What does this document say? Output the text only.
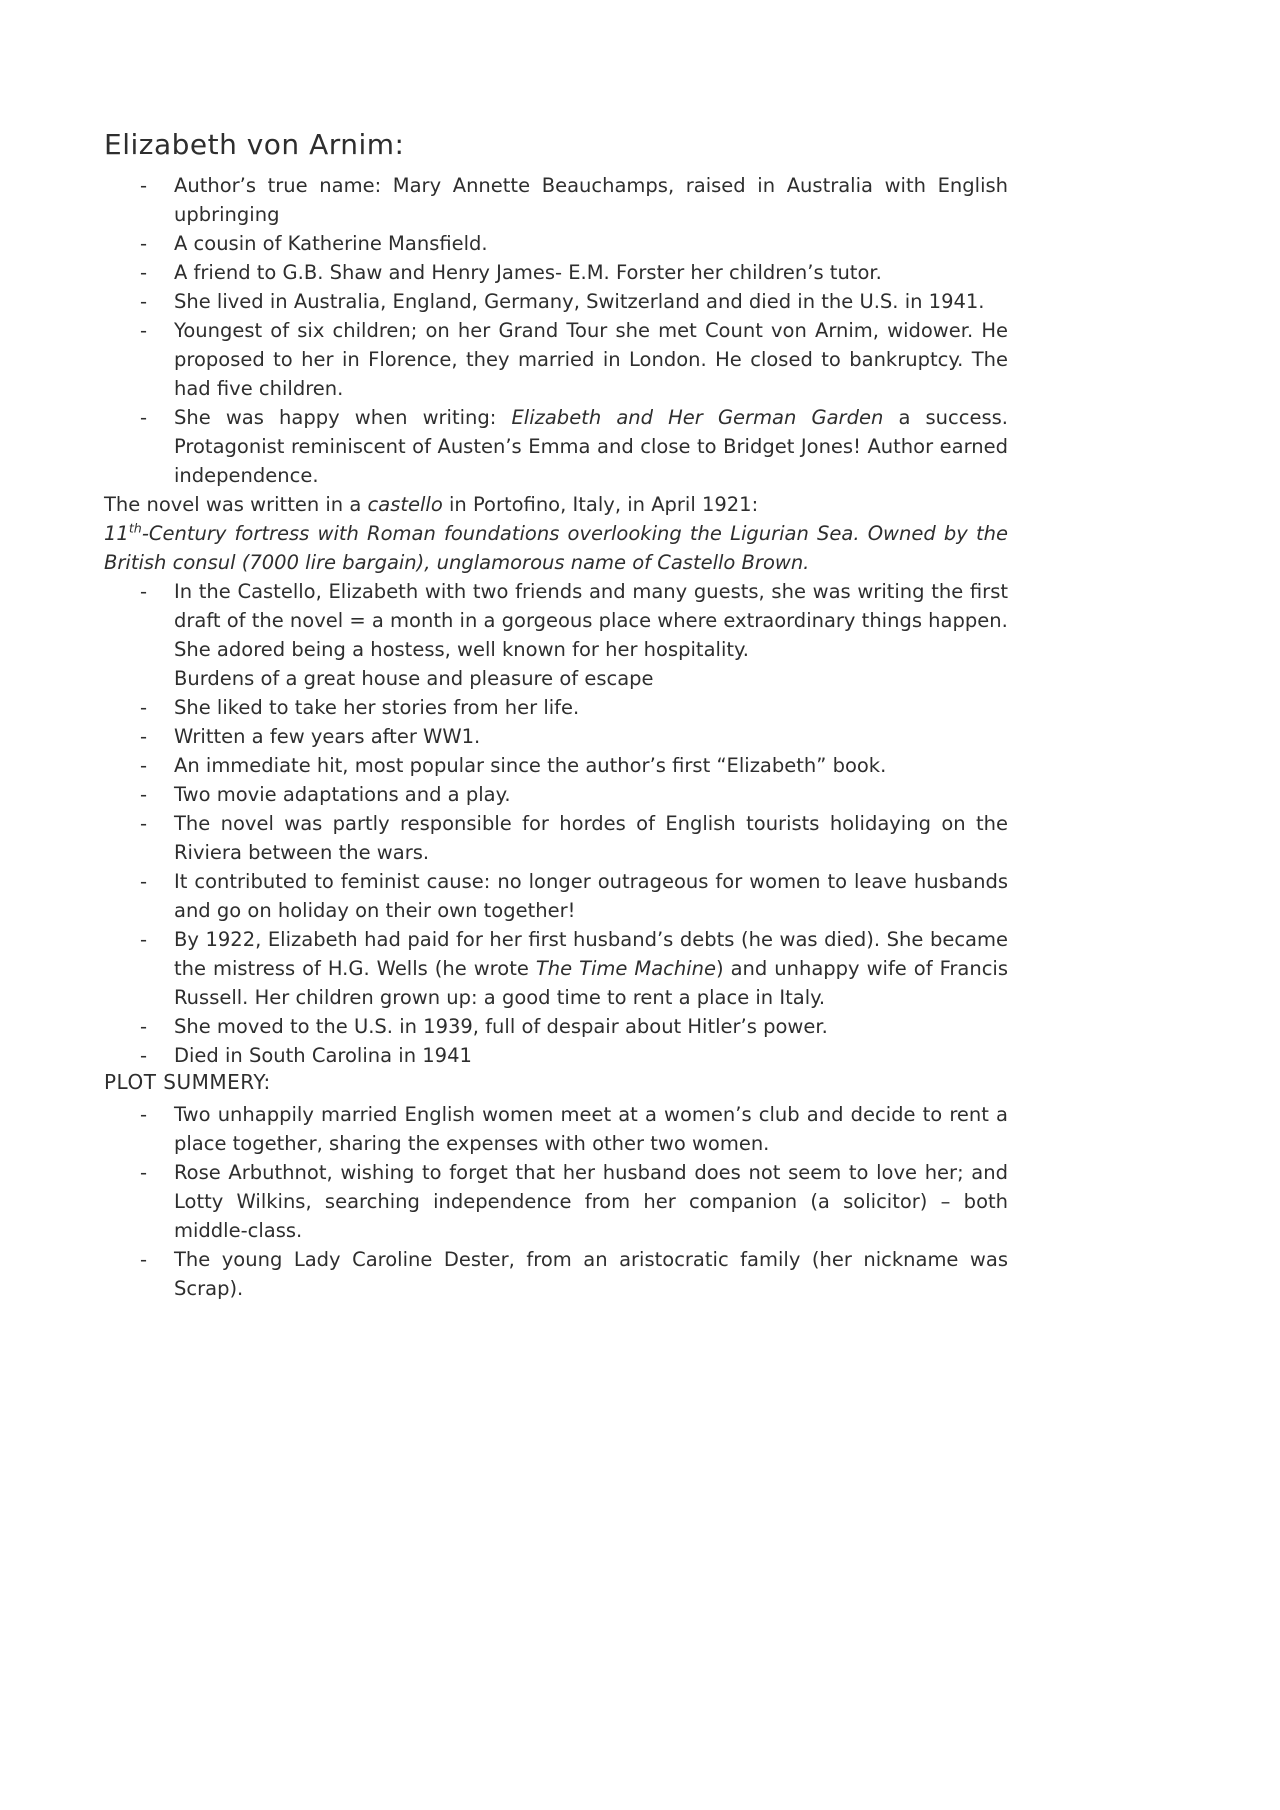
Elizabeth von Arnim:
- Author’s true name: Mary Annette Beauchamps, raised in Australia with English upbringing
- A cousin of Katherine Mansfield.
- A friend to G.B. Shaw and Henry James- E.M. Forster her children’s tutor.
- She lived in Australia, England, Germany, Switzerland and died in the U.S. in 1941.
- Youngest of six children; on her Grand Tour she met Count von Arnim, widower. He proposed to her in Florence, they married in London. He closed to bankruptcy. The had five children.
- She was happy when writing: Elizabeth and Her German Garden a success. Protagonist reminiscent of Austen’s Emma and close to Bridget Jones! Author earned independence.

The novel was written in a castello in Portofino, Italy, in April 1921:

11th-Century fortress with Roman foundations overlooking the Ligurian Sea. Owned by the British consul (7000 lire bargain), unglamorous name of Castello Brown.

- In the Castello, Elizabeth with two friends and many guests, she was writing the first draft of the novel = a month in a gorgeous place where extraordinary things happen.
She adored being a hostess, well known for her hospitality.
Burdens of a great house and pleasure of escape
- She liked to take her stories from her life.
- Written a few years after WW1.
- An immediate hit, most popular since the author’s first “Elizabeth” book.
- Two movie adaptations and a play.
- The novel was partly responsible for hordes of English tourists holidaying on the Riviera between the wars.
- It contributed to feminist cause: no longer outrageous for women to leave husbands and go on holiday on their own together!
- By 1922, Elizabeth had paid for her first husband’s debts (he was died). She became the mistress of H.G. Wells (he wrote The Time Machine) and unhappy wife of Francis Russell. Her children grown up: a good time to rent a place in Italy.
- She moved to the U.S. in 1939, full of despair about Hitler’s power.
- Died in South Carolina in 1941
PLOT SUMMERY:
- Two unhappily married English women meet at a women’s club and decide to rent a place together, sharing the expenses with other two women.
- Rose Arbuthnot, wishing to forget that her husband does not seem to love her; and Lotty Wilkins, searching independence from her companion (a solicitor) – both middle-class.
- The young Lady Caroline Dester, from an aristocratic family (her nickname was Scrap).
